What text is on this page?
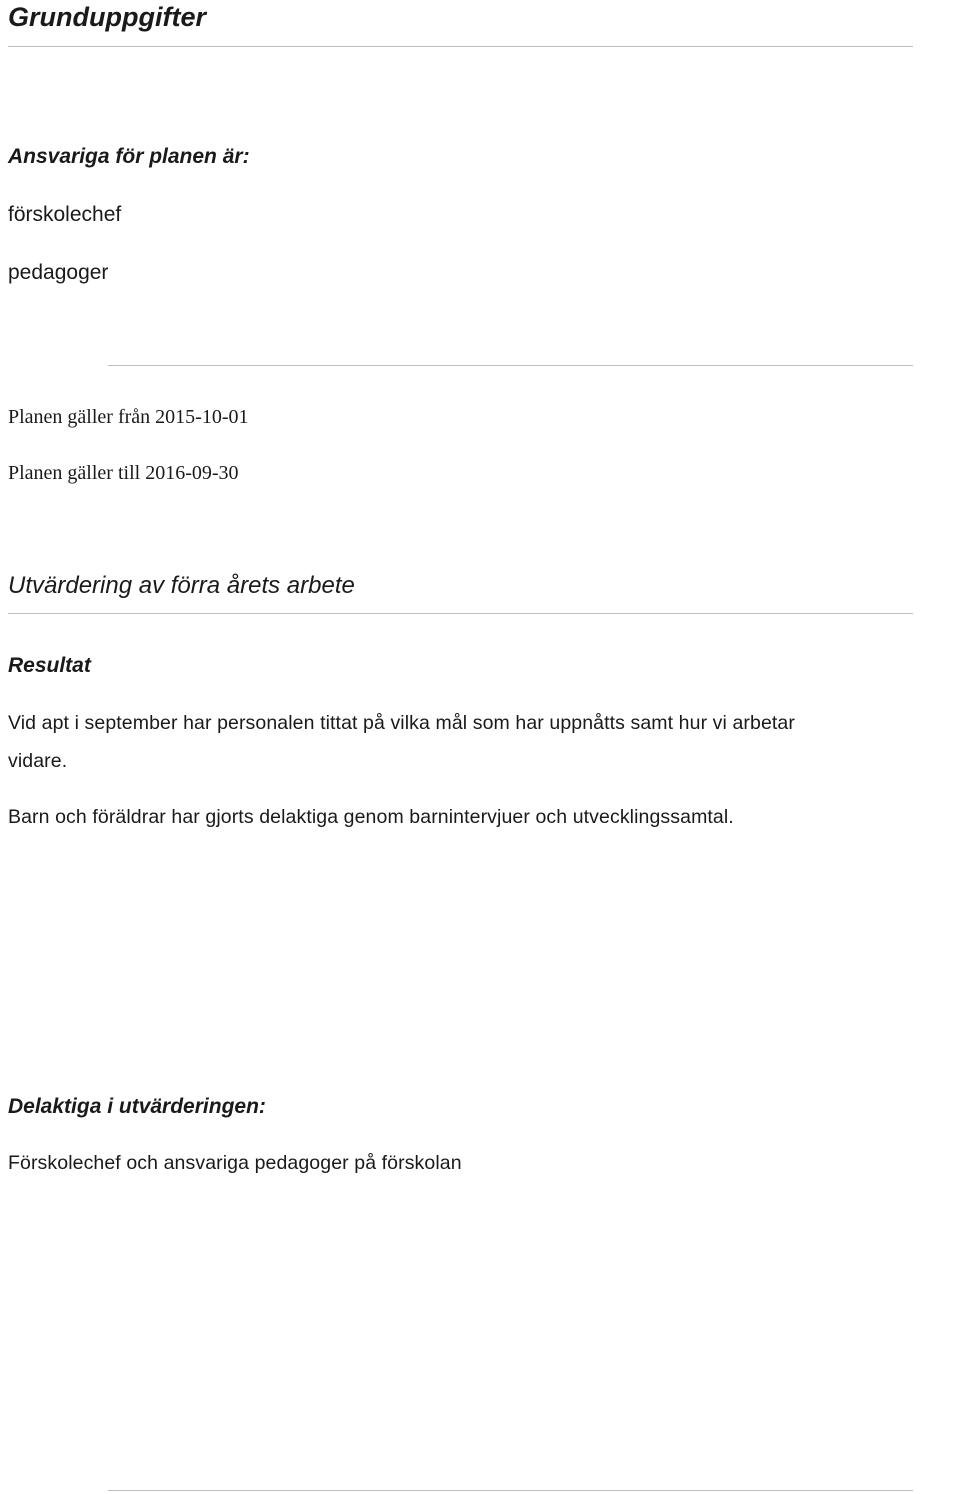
Grunduppgifter
Ansvariga för planen är:
förskolechef
pedagoger
Planen gäller från 2015-10-01
Planen gäller till 2016-09-30
Utvärdering av förra årets arbete
Resultat
Vid apt i september har personalen tittat på vilka mål som har uppnåtts samt hur vi arbetar
vidare.
Barn och föräldrar har gjorts delaktiga genom barnintervjuer och utvecklingssamtal.
Delaktiga i utvärderingen:
Förskolechef och ansvariga pedagoger på förskolan
